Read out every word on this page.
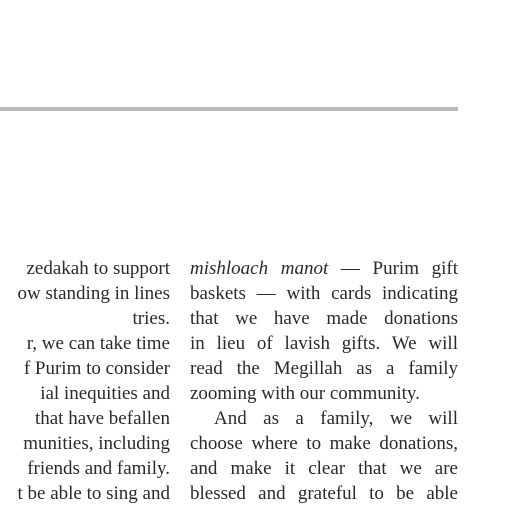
zedakah to support
ow standing in lines
tries.
r, we can take time
f Purim to consider
ial inequities and
that have befallen
munities, including
friends and family.
t be able to sing and
mishloach manot — Purim gift
baskets — with cards indicating
that we have made donations
in lieu of lavish gifts. We will
read the Megillah as a family
zooming with our community.
And as a family, we will
choose where to make donations,
and make it clear that we are
blessed and grateful to be able
